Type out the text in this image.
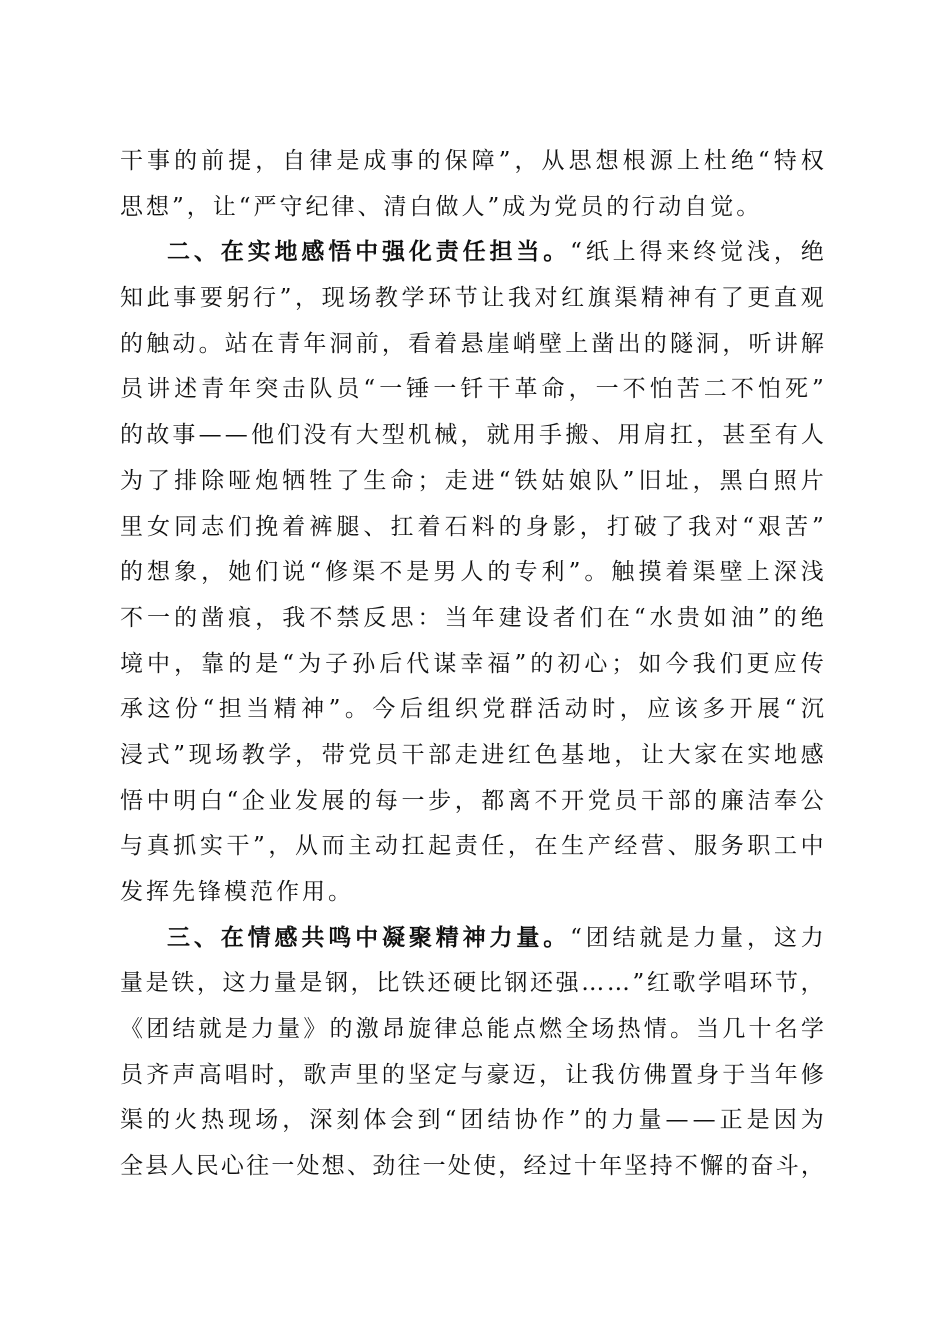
干 事 的 前 提 ， 自 律 是 成 事 的 保 障 ” ， 从 思 想 根 源 上 杜 绝 “ 特 权
思 想 ” ， 让 “ 严 守 纪 律 、 清 白 做 人 ” 成 为 党 员 的 行 动 自 觉 。
二 、 在 实 地 感 悟 中 强 化 责 任 担 当 。 “ 纸 上 得 来 终 觉 浅 ， 绝
知 此 事 要 躬 行 ” ， 现 场 教 学 环 节 让 我 对 红 旗 渠 精 神 有 了 更 直 观
的 触 动 。 站 在 青 年 洞 前 ， 看 着 悬 崖 峭 壁 上 凿 出 的 隧 洞 ， 听 讲 解
员 讲 述 青 年 突 击 队 员 “ 一 锤 一 钎 干 革 命 ， 一 不 怕 苦 二 不 怕 死 ”
的 故 事 — — 他 们 没 有 大 型 机 械 ， 就 用 手 搬 、 用 肩 扛 ， 甚 至 有 人
为 了 排 除 哑 炮 牺 牲 了 生 命 ； 走 进 “ 铁 姑 娘 队 ” 旧 址 ， 黑 白 照 片
里 女 同 志 们 挽 着 裤 腿 、 扛 着 石 料 的 身 影 ， 打 破 了 我 对 “ 艰 苦 ”
的 想 象 ， 她 们 说 “ 修 渠 不 是 男 人 的 专 利 ” 。 触 摸 着 渠 壁 上 深 浅
不 一 的 凿 痕 ， 我 不 禁 反 思 ： 当 年 建 设 者 们 在 “ 水 贵 如 油 ” 的 绝
境 中 ， 靠 的 是 “ 为 子 孙 后 代 谋 幸 福 ” 的 初 心 ； 如 今 我 们 更 应 传
承 这 份 “ 担 当 精 神 ” 。 今 后 组 织 党 群 活 动 时 ， 应 该 多 开 展 “ 沉
浸 式 ” 现 场 教 学 ， 带 党 员 干 部 走 进 红 色 基 地 ， 让 大 家 在 实 地 感
悟 中 明 白 “ 企 业 发 展 的 每 一 步 ， 都 离 不 开 党 员 干 部 的 廉 洁 奉 公
与 真 抓 实 干 ” ， 从 而 主 动 扛 起 责 任 ， 在 生 产 经 营 、 服 务 职 工 中
发 挥 先 锋 模 范 作 用 。
三 、 在 情 感 共 鸣 中 凝 聚 精 神 力 量 。 “ 团 结 就 是 力 量 ， 这 力
量 是 铁 ， 这 力 量 是 钢 ， 比 铁 还 硬 比 钢 还 强 … … ” 红 歌 学 唱 环 节 ，
《 团 结 就 是 力 量 》 的 激 昂 旋 律 总 能 点 燃 全 场 热 情 。 当 几 十 名 学
员 齐 声 高 唱 时 ， 歌 声 里 的 坚 定 与 豪 迈 ， 让 我 仿 佛 置 身 于 当 年 修
渠 的 火 热 现 场 ， 深 刻 体 会 到 “ 团 结 协 作 ” 的 力 量 — — 正 是 因 为
全 县 人 民 心 往 一 处 想 、 劲 往 一 处 使 ， 经 过 十 年 坚 持 不 懈 的 奋 斗 ，
